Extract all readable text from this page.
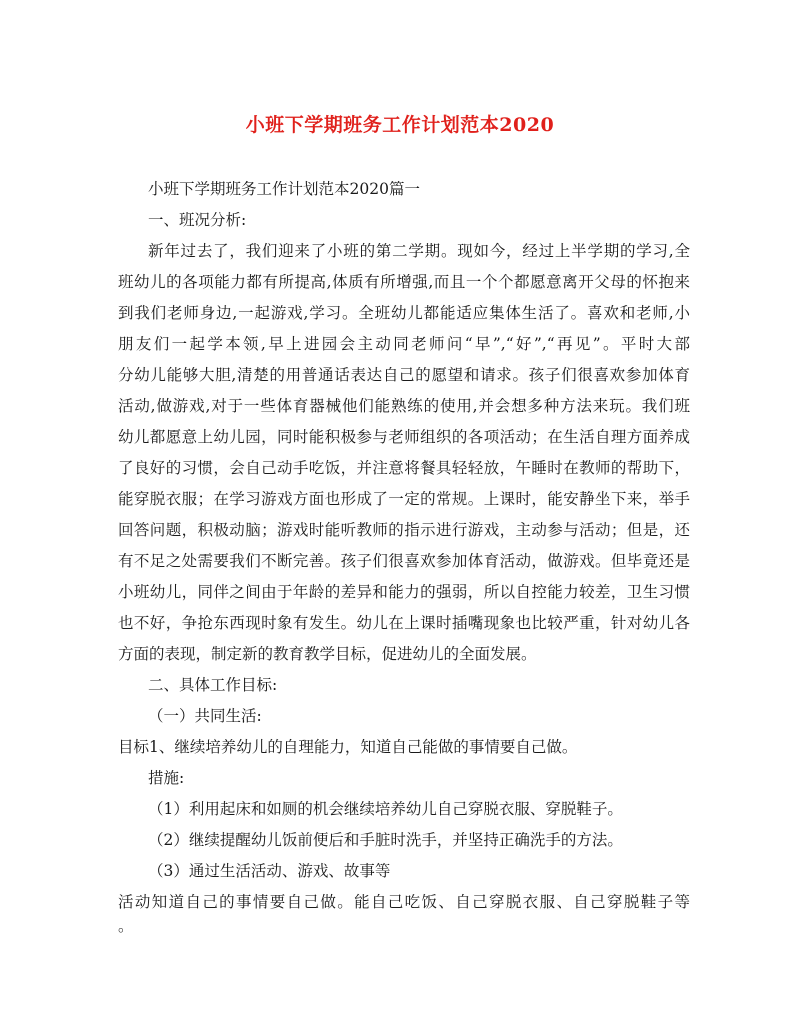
小班下学期班务工作计划范本2020
小班下学期班务工作计划范本2020篇一
一、班况分析:
新年过去了，我们迎来了小班的第二学期。现如今，经过上半学期的学习,全
班幼儿的各项能力都有所提高,体质有所增强,而且一个个都愿意离开父母的怀抱来
到我们老师身边,一起游戏,学习。全班幼儿都能适应集体生活了。喜欢和老师,小
朋友们一起学本领,早上进园会主动同老师问“早”,“好”,“再见”。平时大部
分幼儿能够大胆,清楚的用普通话表达自己的愿望和请求。孩子们很喜欢参加体育
活动,做游戏,对于一些体育器械他们能熟练的使用,并会想多种方法来玩。我们班
幼儿都愿意上幼儿园，同时能积极参与老师组织的各项活动；在生活自理方面养成
了良好的习惯，会自己动手吃饭，并注意将餐具轻轻放，午睡时在教师的帮助下，
能穿脱衣服；在学习游戏方面也形成了一定的常规。上课时，能安静坐下来，举手
回答问题，积极动脑；游戏时能听教师的指示进行游戏，主动参与活动；但是，还
有不足之处需要我们不断完善。孩子们很喜欢参加体育活动，做游戏。但毕竟还是
小班幼儿，同伴之间由于年龄的差异和能力的强弱，所以自控能力较差，卫生习惯
也不好，争抢东西现时象有发生。幼儿在上课时插嘴现象也比较严重，针对幼儿各
方面的表现，制定新的教育教学目标，促进幼儿的全面发展。
二、具体工作目标:
（一）共同生活:
目标1、继续培养幼儿的自理能力，知道自己能做的事情要自己做。
措施:
（1）利用起床和如厕的机会继续培养幼儿自己穿脱衣服、穿脱鞋子。
（2）继续提醒幼儿饭前便后和手脏时洗手，并坚持正确洗手的方法。
（3）通过生活活动、游戏、故事等
活动知道自己的事情要自己做。能自己吃饭、自己穿脱衣服、自己穿脱鞋子等
。
